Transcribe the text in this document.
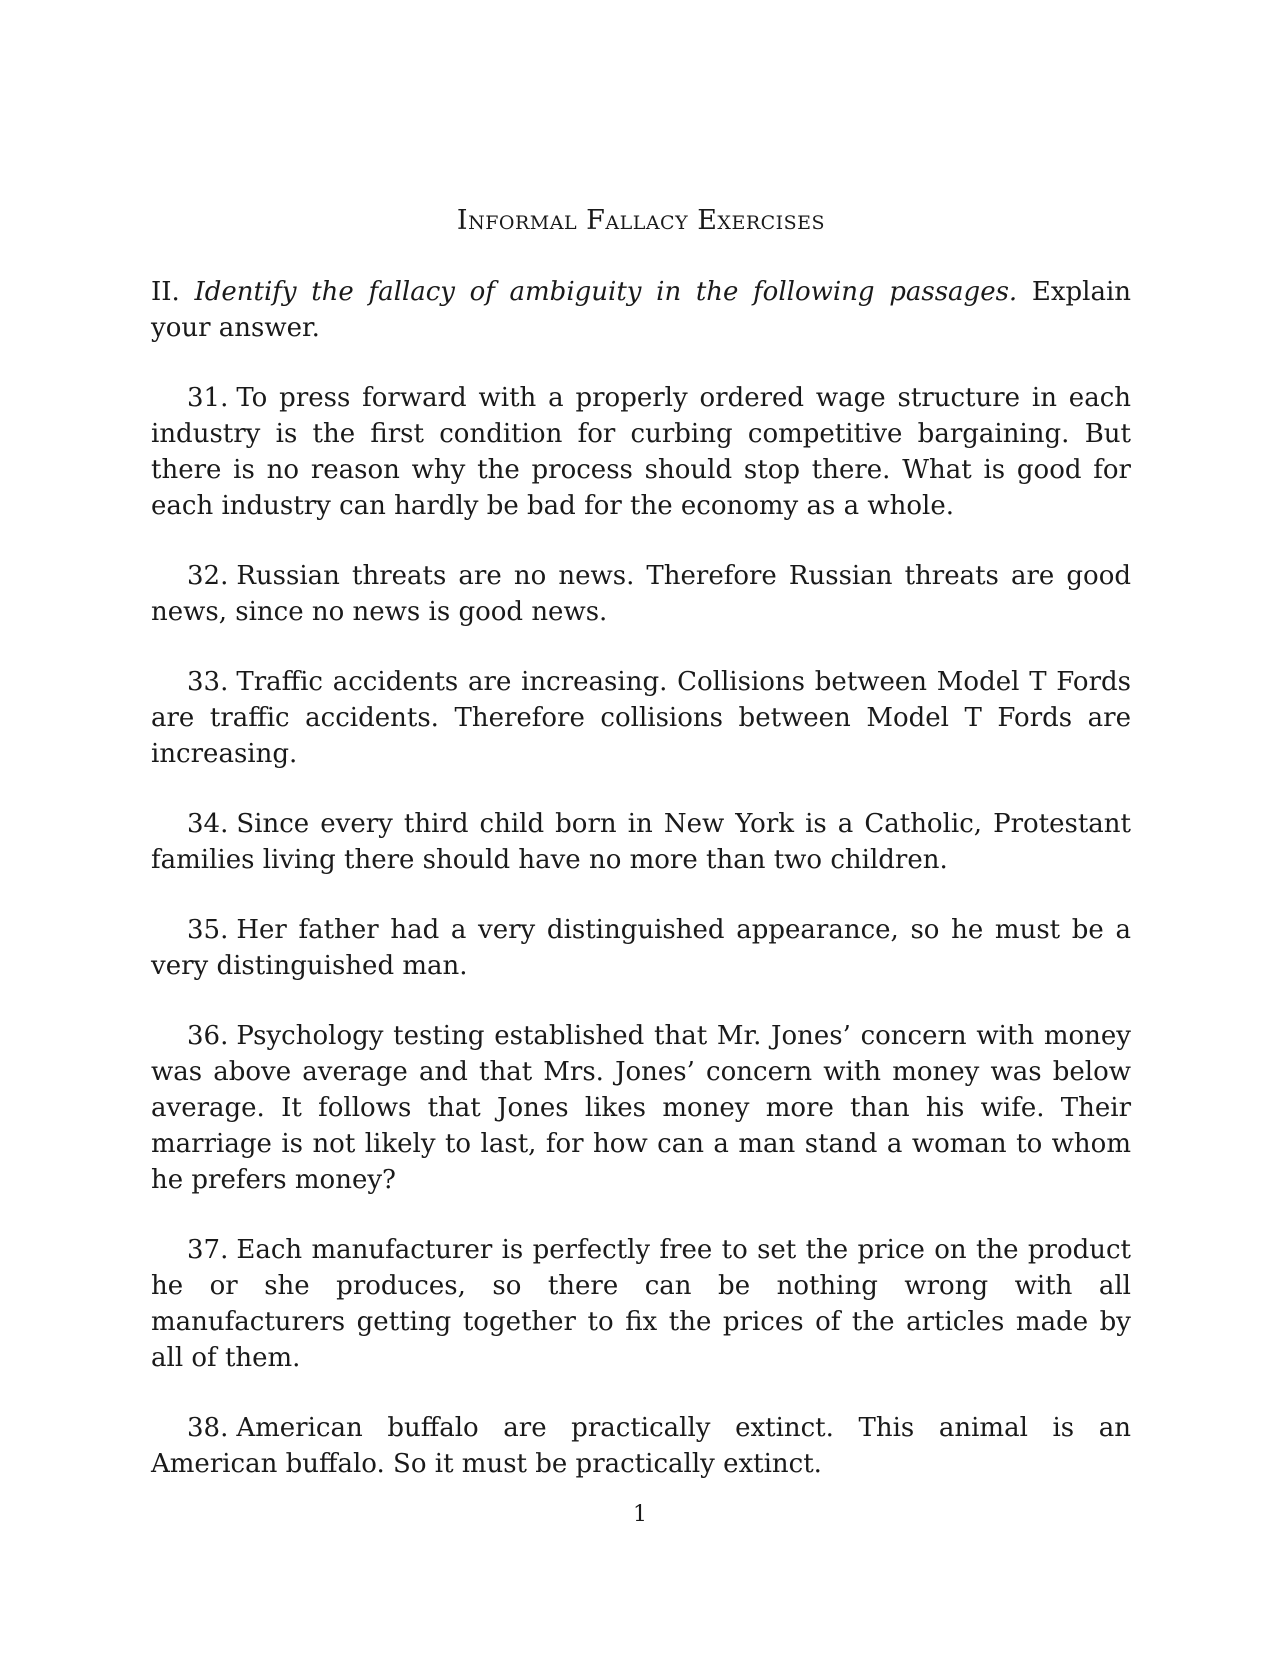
Informal Fallacy Exercises

II. Identify the fallacy of ambiguity in the following passages. Explain your answer.

31. To press forward with a properly ordered wage structure in each industry is the first condition for curbing competitive bargaining. But there is no reason why the process should stop there. What is good for each industry can hardly be bad for the economy as a whole.

32. Russian threats are no news. Therefore Russian threats are good news, since no news is good news.

33. Traffic accidents are increasing. Collisions between Model T Fords are traffic accidents. Therefore collisions between Model T Fords are increasing.

34. Since every third child born in New York is a Catholic, Protestant families living there should have no more than two children.

35. Her father had a very distinguished appearance, so he must be a very distinguished man.

36. Psychology testing established that Mr. Jones’ concern with money was above average and that Mrs. Jones’ concern with money was below average. It follows that Jones likes money more than his wife. Their marriage is not likely to last, for how can a man stand a woman to whom he prefers money?

37. Each manufacturer is perfectly free to set the price on the product he or she produces, so there can be nothing wrong with all manufacturers getting together to fix the prices of the articles made by all of them.

38. American buffalo are practically extinct. This animal is an American buffalo. So it must be practically extinct.

1
